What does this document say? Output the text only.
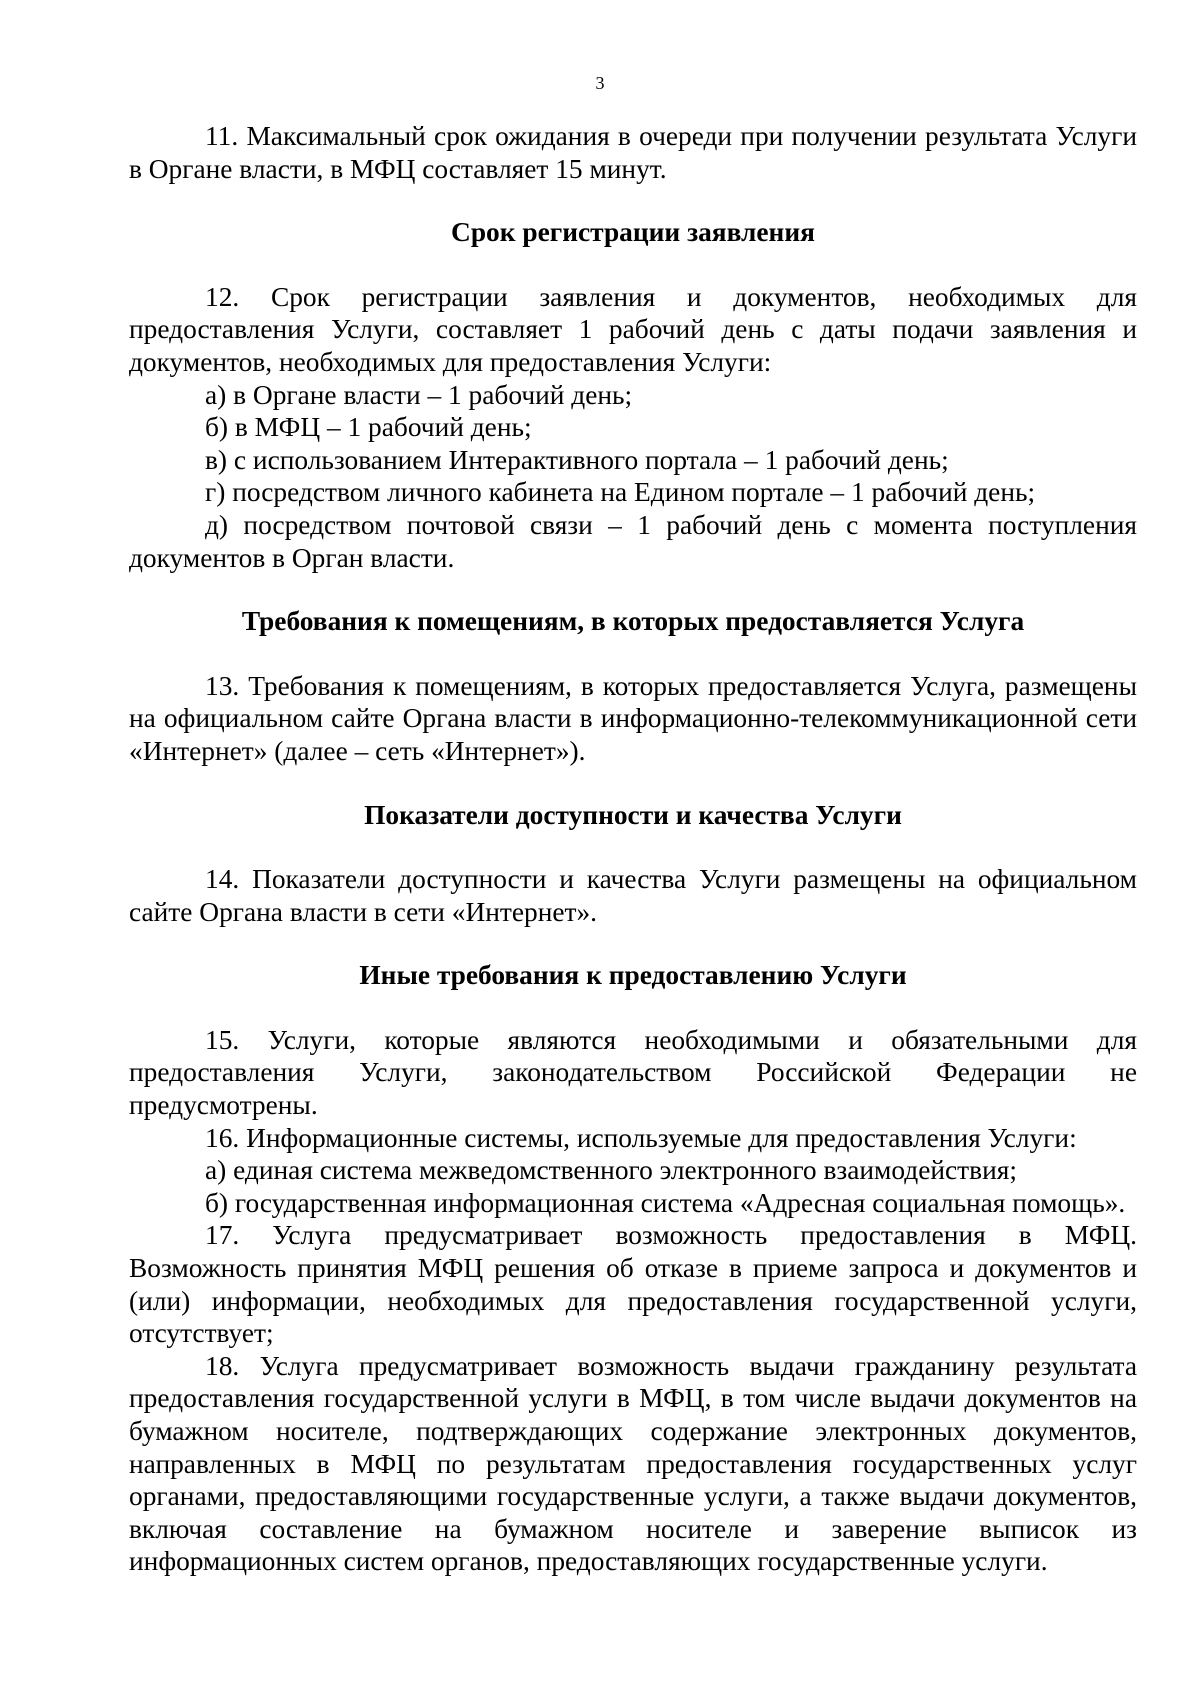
3

11. Максимальный срок ожидания в очереди при получении результата Услуги в Органе власти, в МФЦ составляет 15 минут.

Срок регистрации заявления

12. Срок регистрации заявления и документов, необходимых для предоставления Услуги, составляет 1 рабочий день с даты подачи заявления и документов, необходимых для предоставления Услуги:

а) в Органе власти – 1 рабочий день;

б) в МФЦ – 1 рабочий день;

в) с использованием Интерактивного портала – 1 рабочий день;

г) посредством личного кабинета на Едином портале – 1 рабочий день;

д) посредством почтовой связи – 1 рабочий день с момента поступления документов в Орган власти.

Требования к помещениям, в которых предоставляется Услуга

13. Требования к помещениям, в которых предоставляется Услуга, размещены на официальном сайте Органа власти в информационно-телекоммуникационной сети «Интернет» (далее – сеть «Интернет»).

Показатели доступности и качества Услуги

14. Показатели доступности и качества Услуги размещены на официальном сайте Органа власти в сети «Интернет».

Иные требования к предоставлению Услуги

15. Услуги, которые являются необходимыми и обязательными для предоставления Услуги, законодательством Российской Федерации не предусмотрены.

16. Информационные системы, используемые для предоставления Услуги:

а) единая система межведомственного электронного взаимодействия;

б) государственная информационная система «Адресная социальная помощь».

17. Услуга предусматривает возможность предоставления в МФЦ. Возможность принятия МФЦ решения об отказе в приеме запроса и документов и (или) информации, необходимых для предоставления государственной услуги, отсутствует;

18. Услуга предусматривает возможность выдачи гражданину результата предоставления государственной услуги в МФЦ, в том числе выдачи документов на бумажном носителе, подтверждающих содержание электронных документов, направленных в МФЦ по результатам предоставления государственных услуг органами, предоставляющими государственные услуги, а также выдачи документов, включая составление на бумажном носителе и заверение выписок из информационных систем органов, предоставляющих государственные услуги.
